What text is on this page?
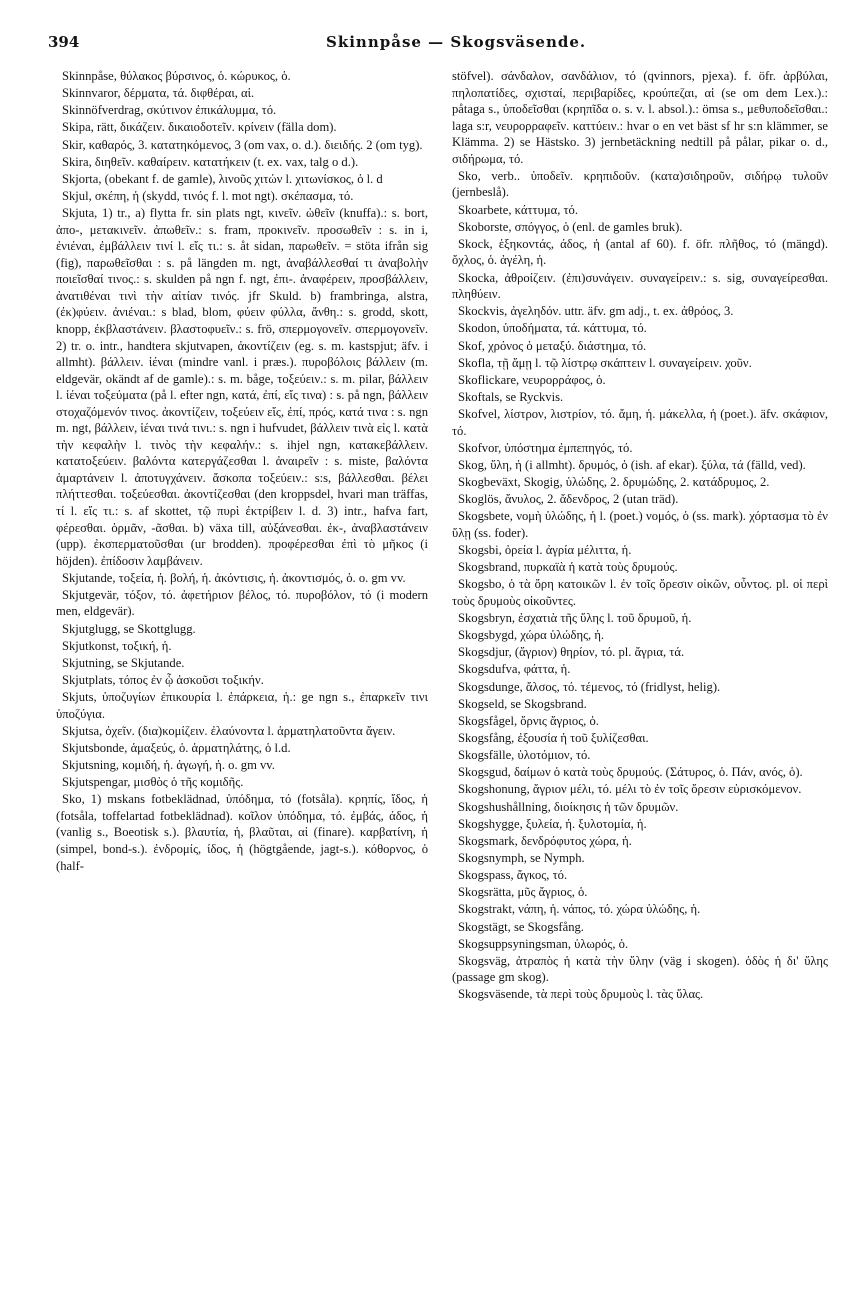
394	Skinnpåse — Skogsväsende.

Skinnpåse, θύλακος βύρσινος, ὁ. κώρυκος, ὁ.

Skinnvaror, δέρματα, τά. διφθέραι, αἱ.

Skinnöfverdrag, σκύτινον ἐπικάλυμμα, τό.

Skipa, rätt, δικάζειν. δικαιοδοτεῖν. κρίνειν (fälla dom).

Skir, καθαρός, 3. κατατηκόμενος, 3 (om vax, o. d.). διειδής. 2 (om tyg).

Skira, διηθεῖν. καθαίρειν. κατατήκειν (t. ex. vax, talg o d.).

Skjorta, (obekant f. de gamle), λινοῦς χιτών l. χιτωνίσκος, ὁ l. d

Skjul, σκέπη, ἡ (skydd, τινός f. l. mot ngt). σκέπασμα, τό.

Skjuta, 1) tr., a) flytta fr. sin plats ngt, κινεῖν. ὠθεῖν (knuffa).: s. bort, ἀπο-, μετακινεῖν. ἀπωθεῖν.: s. fram, προκινεῖν. προσωθεῖν : s. in i, ἐνιέναι, ἐμβάλλειν τινί l. εἴς τι.: s. åt sidan, παρωθεῖν. = stöta ifrån sig (fig), παρωθεῖσθαι : s. på längden m. ngt, ἀναβάλλεσθαί τι ἀναβολὴν ποιεῖσθαί τινος.: s. skulden på ngn f. ngt, ἐπι-. ἀναφέρειν, προσβάλλειν, ἀνατιθέναι τινὶ τὴν αἰτίαν τινός. jfr Skuld. b) frambringa, alstra, (ἐκ)φύειν. ἀνιέναι.: s blad, blom, φύειν φύλλα, ἄνθη.: s. grodd, skott, knopp, ἐκβλαστάνειν. βλαστοφυεῖν.: s. frö, σπερμογονεῖν. σπερμογονεῖν. 2) tr. o. intr., handtera skjutvapen, ἀκοντίζειν (eg. s. m. kastspjut; äfv. i allmht). βάλλειν. ἱέναι (mindre vanl. i præs.). πυροβόλοις βάλλειν (m. eldgevär, okändt af de gamle).: s. m. båge, τοξεύειν.: s. m. pilar, βάλλειν l. ἱέναι τοξεύματα (på l. efter ngn, κατά, ἐπί, εἴς τινα) : s. på ngn, βάλλειν στοχαζόμενόν τινος. ἀκοντίζειν, τοξεύειν εἴς, ἐπί, πρός, κατά τινα : s. ngn m. ngt, βάλλειν, ἱέναι τινά τινι.: s. ngn i hufvudet, βάλλειν τινὰ εἰς l. κατὰ τὴν κεφαλὴν l. τινὸς τὴν κεφαλήν.: s. ihjel ngn, κατακεβάλλειν. κατατοξεύειν. βαλόντα κατεργάζεσθαι l. ἀναιρεῖν : s. miste, βαλόντα ἁμαρτάνειν l. ἀποτυγχάνειν. ἄσκοπα τοξεύειν.: s:s, βάλλεσθαι. βέλει πλήττεσθαι. τοξεύεσθαι. ἀκοντίζεσθαι (den kroppsdel, hvari man träffas, τί l. εἴς τι.: s. af skottet, τῷ πυρὶ ἐκτρίβειν l. d. 3) intr., hafva fart, φέρεσθαι. ὁρμᾶν, -ᾶσθαι. b) växa till, αὐξάνεσθαι. ἐκ-, ἀναβλαστάνειν (upp). ἐκσπερματοῦσθαι (ur brodden). προφέρεσθαι ἐπὶ τὸ μῆκος (i höjden). ἐπίδοσιν λαμβάνειν.

Skjutande, τοξεία, ἡ. βολή, ἡ. ἀκόντισις, ἡ. ἀκοντισμός, ὁ. o. gm vv.

Skjutgevär, τόξον, τό. ἀφετήριον βέλος, τό. πυροβόλον, τό (i modern men, eldgevär).

Skjutglugg, se Skottglugg.

Skjutkonst, τοξική, ἡ.

Skjutning, se Skjutande.

Skjutplats, τόπος ἐν ᾧ ἀσκοῦσι τοξικήν.

Skjuts, ὑποζυγίων ἐπικουρία l. ἐπάρκεια, ἡ.: ge ngn s., ἐπαρκεῖν τινι ὑποζύγια.

Skjutsa, ὀχεῖν. (δια)κομίζειν. ἐλαύνοντα l. ἁρματηλατοῦντα ἄγειν.

Skjutsbonde, ἁμαξεύς, ὁ. ἁρματηλάτης, ὁ l.d.

Skjutsning, κομιδή, ἡ. ἀγωγή, ἡ. o. gm vv.

Skjutspengar, μισθὸς ὁ τῆς κομιδῆς.

Sko, 1) mskans fotbeklädnad, ὑπόδημα, τό (fotsåla). κρηπίς, ἴδος, ἡ (fotsåla, toffelartad fotbeklädnad). κοῖλον ὑπόδημα, τό. ἐμβάς, άδος, ἡ (vanlig s., Boeotisk s.). βλαυτία, ἡ, βλαῦται, αἱ (finare). καρβατίνη, ἡ (simpel, bond-s.). ἐνδρομίς, ίδος, ἡ (högtgående, jagt-s.). κόθορνος, ὁ (half-

stöfvel). σάνδαλον, σανδάλιον, τό (qvinnors, pjexa). f. öfr. ἀρβύλαι, πηλοπατίδες, σχισταί, περιβαρίδες, κρούπεζαι, αἱ (se om dem Lex.).: påtaga s., ὑποδεῖσθαι (κρηπῖδα o. s. v. l. absol.).: ömsa s., μεθυποδεῖσθαι.: laga s:r, νευρορραφεῖν. καττύειν.: hvar o en vet bäst sf hr s:n klämmer, se Klämma. 2) se Hästsko. 3) jernbetäckning nedtill på pålar, pikar o. d., σιδήρωμα, τό.

Sko, verb.. ὑποδεῖν. κρηπιδοῦν. (κατα)σιδηροῦν, σιδήρῳ τυλοῦν (jernbeslå).

Skoarbete, κάττυμα, τό.

Skoborste, σπόγγος, ὁ (enl. de gamles bruk).

Skock, ἑξηκοντάς, άδος, ἡ (antal af 60). f. öfr. πλῆθος, τό (mängd). ὄχλος, ὁ. ἀγέλη, ἡ.

Skocka, ἀθροίζειν. (ἐπι)συνάγειν. συναγείρειν.: s. sig, συναγείρεσθαι. πληθύειν.

Skockvis, ἀγεληδόν. uttr. äfv. gm adj., t. ex. ἀθρόος, 3.

Skodon, ὑποδήματα, τά. κάττυμα, τό.

Skof, χρόνος ὁ μεταξύ. διάστημα, τό.

Skofla, τῇ ἄμῃ l. τῷ λίστρῳ σκάπτειν l. συναγείρειν. χοῦν.

Skoflickare, νευρορράφος, ὁ.

Skoftals, se Ryckvis.

Skofvel, λίστρον, λιστρίον, τό. ἄμη, ἡ. μάκελλα, ἡ (poet.). äfv. σκάφιον, τό.

Skofvor, ὑπόστημα ἐμπεπηγός, τό.

Skog, ὕλη, ἡ (i allmht). δρυμός, ὁ (ish. af ekar). ξύλα, τά (fälld, ved).

Skogbeväxt, Skogig, ὑλώδης, 2. δρυμώδης, 2. κατάδρυμος, 2.

Skoglös, ἄνυλος, 2. ἄδενδρος, 2 (utan träd).

Skogsbete, νομὴ ὑλώδης, ἡ l. (poet.) νομός, ὁ (ss. mark). χόρτασμα τὸ ἐν ὕλῃ (ss. foder).

Skogsbi, ὀρεία l. ἀγρία μέλιττα, ἡ.

Skogsbrand, πυρκαϊὰ ἡ κατὰ τοὺς δρυμούς.

Skogsbo, ὁ τὰ ὄρη κατοικῶν l. ἐν τοῖς ὄρεσιν οἰκῶν, οὖντος. pl. οἱ περὶ τοὺς δρυμοὺς οἰκοῦντες.

Skogsbryn, ἐσχατιὰ τῆς ὕλης l. τοῦ δρυμοῦ, ἡ.

Skogsbygd, χώρα ὑλώδης, ἡ.

Skogsdjur, (ἄγριον) θηρίον, τό. pl. ἄγρια, τά.

Skogsdufva, φάττα, ἡ.

Skogsdunge, ἄλσος, τό. τέμενος, τό (fridlyst, helig).

Skogseld, se Skogsbrand.

Skogsfågel, ὄρνις ἄγριος, ὁ.

Skogsfång, ἐξουσία ἡ τοῦ ξυλίζεσθαι.

Skogsfälle, ὑλοτόμιον, τό.

Skogsgud, δαίμων ὁ κατὰ τοὺς δρυμούς. (Σάτυρος, ὁ. Πάν, ανός, ὁ).

Skogshonung, ἄγριον μέλι, τό. μέλι τὸ ἐν τοῖς ὄρεσιν εὑρισκόμενον.

Skogshushållning, διοίκησις ἡ τῶν δρυμῶν.

Skogshygge, ξυλεία, ἡ. ξυλοτομία, ἡ.

Skogsmark, δενδρόφυτος χώρα, ἡ.

Skogsnymph, se Nymph.

Skogspass, ἄγκος, τό.

Skogsrätta, μῦς ἄγριος, ὁ.

Skogstrakt, νάπη, ἡ. νάπος, τό. χώρα ὑλώδης, ἡ.

Skogstägt, se Skogsfång.

Skogsuppsyningsman, ὑλωρός, ὁ.

Skogsväg, ἀτραπὸς ἡ κατὰ τὴν ὕλην (väg i skogen). ὁδὸς ἡ δι' ὕλης (passage gm skog).

Skogsväsende, τὰ περὶ τοὺς δρυμοὺς l. τὰς ὕλας.
